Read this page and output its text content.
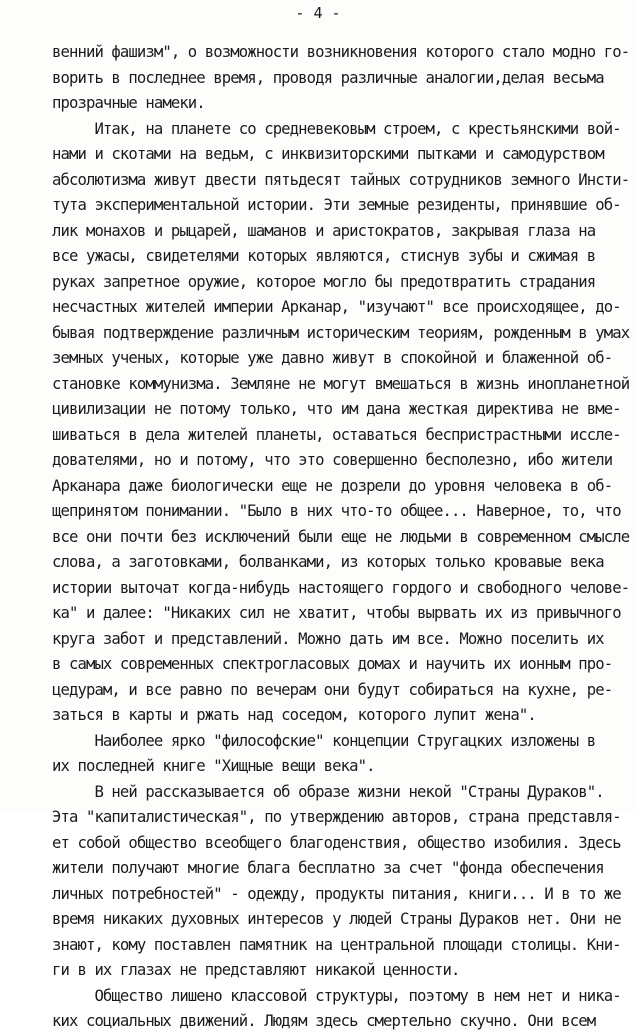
- 4 -
венний фашизм", о возможности возникновения которого стало модно го-
ворить в последнее время, проводя различные аналогии,делая весьма
прозрачные намеки.
Итак, на планете со средневековым строем, с крестьянскими вой-
нами и скотами на ведьм, с инквизиторскими пытками и самодурством
абсолютизма живут двести пятьдесят тайных сотрудников земного Инсти-
тута экспериментальной истории. Эти земные резиденты, принявшие об-
лик монахов и рыцарей, шаманов и аристократов, закрывая глаза на
все ужасы, свидетелями которых являются, стиснув зубы и сжимая в
руках запретное оружие, которое могло бы предотвратить страдания
несчастных жителей империи Арканар, "изучают" все происходящее, до-
бывая подтверждение различным историческим теориям, рожденным в умах
земных ученых, которые уже давно живут в спокойной и блаженной об-
становке коммунизма. Земляне не могут вмешаться в жизнь инопланетной
цивилизации не потому только, что им дана жесткая директива не вме-
шиваться в дела жителей планеты, оставаться беспристрастными иссле-
дователями, но и потому, что это совершенно бесполезно, ибо жители
Арканара даже биологически еще не дозрели до уровня человека в об-
щепринятом понимании. "Было в них что-то общее... Наверное, то, что
все они почти без исключений были еще не людьми в современном смысле
слова, а заготовками, болванками, из которых только кровавые века
истории выточат когда-нибудь настоящего гордого и свободного челове-
ка" и далее: "Никаких сил не хватит, чтобы вырвать их из привычного
круга забот и представлений. Можно дать им все. Можно поселить их
в самых современных спектрогласовых домах и научить их ионным про-
цедурам, и все равно по вечерам они будут собираться на кухне, ре-
заться в карты и ржать над соседом, которого лупит жена".
Наиболее ярко "философские" концепции Стругацких изложены в
их последней книге "Хищные вещи века".
В ней рассказывается об образе жизни некой "Страны Дураков".
Эта "капиталистическая", по утверждению авторов, страна представля-
ет собой общество всеобщего благоденствия, общество изобилия. Здесь
жители получают многие блага бесплатно за счет "фонда обеспечения
личных потребностей" - одежду, продукты питания, книги... И в то же
время никаких духовных интересов у людей Страны Дураков нет. Они не
знают, кому поставлен памятник на центральной площади столицы. Кни-
ги в их глазах не представляют никакой ценности.
Общество лишено классовой структуры, поэтому в нем нет и ника-
ких социальных движений. Людям здесь смертельно скучно. Они всем
